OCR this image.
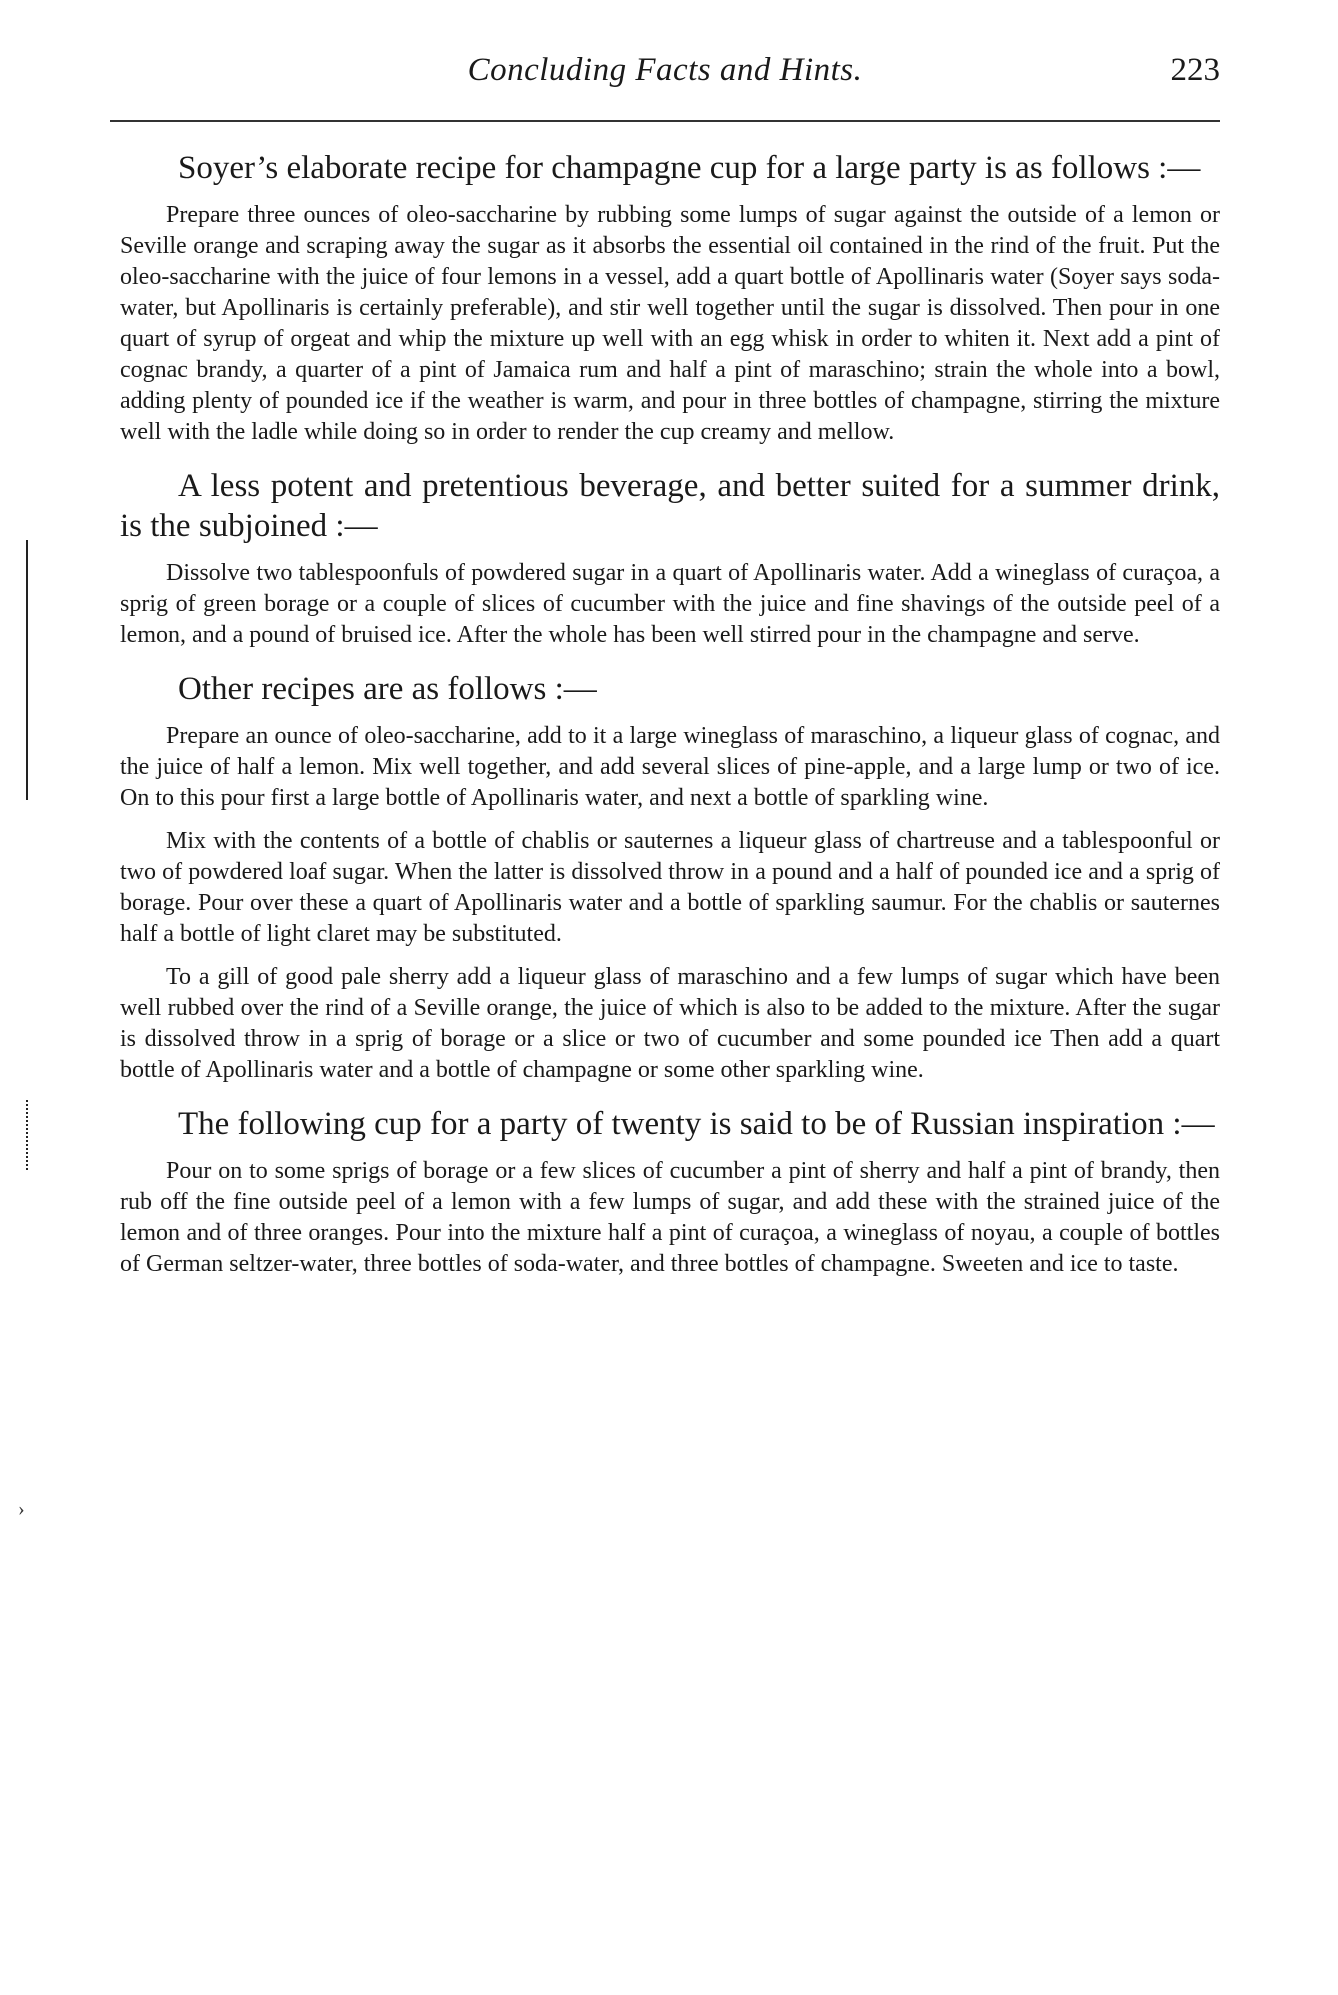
Concluding Facts and Hints.	223
›

Soyer’s elaborate recipe for champagne cup for a large party is as follows :—

Prepare three ounces of oleo-saccharine by rubbing some lumps of sugar against the outside of a lemon or Seville orange and scraping away the sugar as it absorbs the essential oil contained in the rind of the fruit. Put the oleo-saccharine with the juice of four lemons in a vessel, add a quart bottle of Apollinaris water (Soyer says soda-water, but Apollinaris is certainly preferable), and stir well together until the sugar is dissolved. Then pour in one quart of syrup of orgeat and whip the mixture up well with an egg whisk in order to whiten it. Next add a pint of cognac brandy, a quarter of a pint of Jamaica rum and half a pint of maraschino; strain the whole into a bowl, adding plenty of pounded ice if the weather is warm, and pour in three bottles of champagne, stirring the mixture well with the ladle while doing so in order to render the cup creamy and mellow.

A less potent and pretentious beverage, and better suited for a summer drink, is the subjoined :—

Dissolve two tablespoonfuls of powdered sugar in a quart of Apollinaris water. Add a wineglass of curaçoa, a sprig of green borage or a couple of slices of cucumber with the juice and fine shavings of the outside peel of a lemon, and a pound of bruised ice. After the whole has been well stirred pour in the champagne and serve.

Other recipes are as follows :—

Prepare an ounce of oleo-saccharine, add to it a large wineglass of maraschino, a liqueur glass of cognac, and the juice of half a lemon. Mix well together, and add several slices of pine-apple, and a large lump or two of ice. On to this pour first a large bottle of Apollinaris water, and next a bottle of sparkling wine.

Mix with the contents of a bottle of chablis or sauternes a liqueur glass of chartreuse and a tablespoonful or two of powdered loaf sugar. When the latter is dissolved throw in a pound and a half of pounded ice and a sprig of borage. Pour over these a quart of Apollinaris water and a bottle of sparkling saumur. For the chablis or sauternes half a bottle of light claret may be substituted.

To a gill of good pale sherry add a liqueur glass of maraschino and a few lumps of sugar which have been well rubbed over the rind of a Seville orange, the juice of which is also to be added to the mixture. After the sugar is dissolved throw in a sprig of borage or a slice or two of cucumber and some pounded ice Then add a quart bottle of Apollinaris water and a bottle of champagne or some other sparkling wine.

The following cup for a party of twenty is said to be of Russian inspiration :—

Pour on to some sprigs of borage or a few slices of cucumber a pint of sherry and half a pint of brandy, then rub off the fine outside peel of a lemon with a few lumps of sugar, and add these with the strained juice of the lemon and of three oranges. Pour into the mixture half a pint of curaçoa, a wineglass of noyau, a couple of bottles of German seltzer-water, three bottles of soda-water, and three bottles of champagne. Sweeten and ice to taste.
